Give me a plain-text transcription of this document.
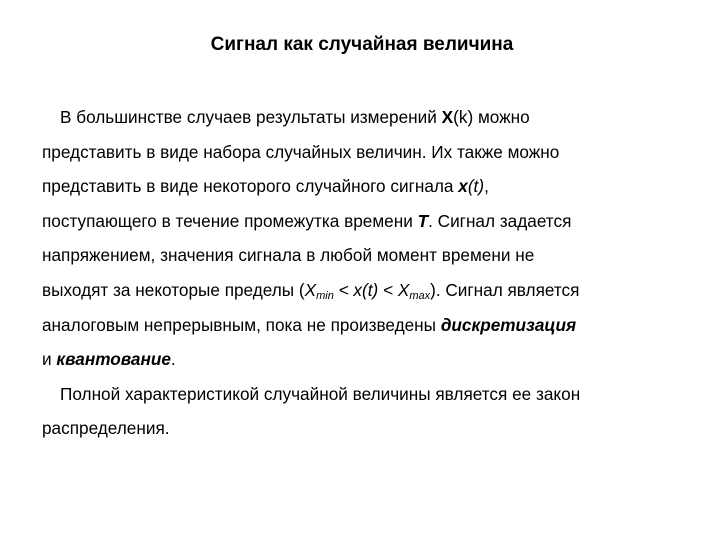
Сигнал как случайная величина
В большинстве случаев результаты измерений X(k) можно
представить в виде набора случайных величин. Их также можно
представить в виде некоторого случайного сигнала x(t),
поступающего в течение промежутка времени T. Сигнал задается
напряжением, значения сигнала в любой момент времени не
выходят за некоторые пределы $(X_{min} < x(t) < X_{max})$. Сигнал является
аналоговым непрерывным, пока не произведены дискретизация
и квантование.
Полной характеристикой случайной величины является ее закон
распределения.
